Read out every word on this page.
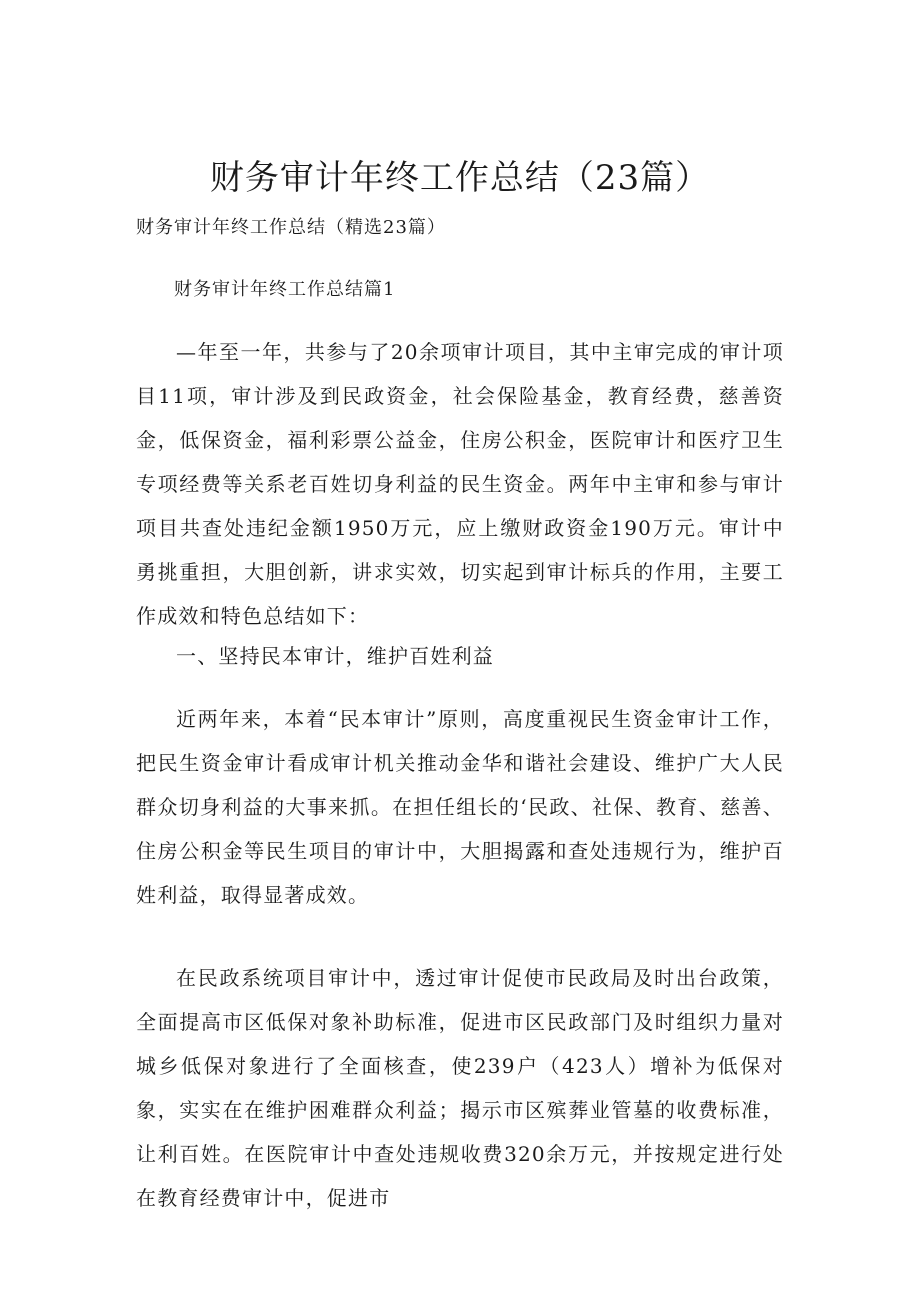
财务审计年终工作总结（23篇）

财务审计年终工作总结（精选23篇）

财务审计年终工作总结篇1

—年至一年，共参与了20余项审计项目，其中主审完成的审计项目11项，审计涉及到民政资金，社会保险基金，教育经费，慈善资金，低保资金，福利彩票公益金，住房公积金，医院审计和医疗卫生专项经费等关系老百姓切身利益的民生资金。两年中主审和参与审计项目共查处违纪金额1950万元，应上缴财政资金190万元。审计中勇挑重担，大胆创新，讲求实效，切实起到审计标兵的作用，主要工作成效和特色总结如下：

一、坚持民本审计，维护百姓利益

近两年来，本着“民本审计”原则，高度重视民生资金审计工作，把民生资金审计看成审计机关推动金华和谐社会建设、维护广大人民群众切身利益的大事来抓。在担任组长的‘民政、社保、教育、慈善、住房公积金等民生项目的审计中，大胆揭露和查处违规行为，维护百姓利益，取得显著成效。

在民政系统项目审计中，透过审计促使市民政局及时出台政策，全面提高市区低保对象补助标准，促进市区民政部门及时组织力量对城乡低保对象进行了全面核查，使239户（423人）增补为低保对象，实实在在维护困难群众利益；揭示市区殡葬业管墓的收费标准，让利百姓。在医院审计中查处违规收费320余万元，并按规定进行处在教育经费审计中，促进市
